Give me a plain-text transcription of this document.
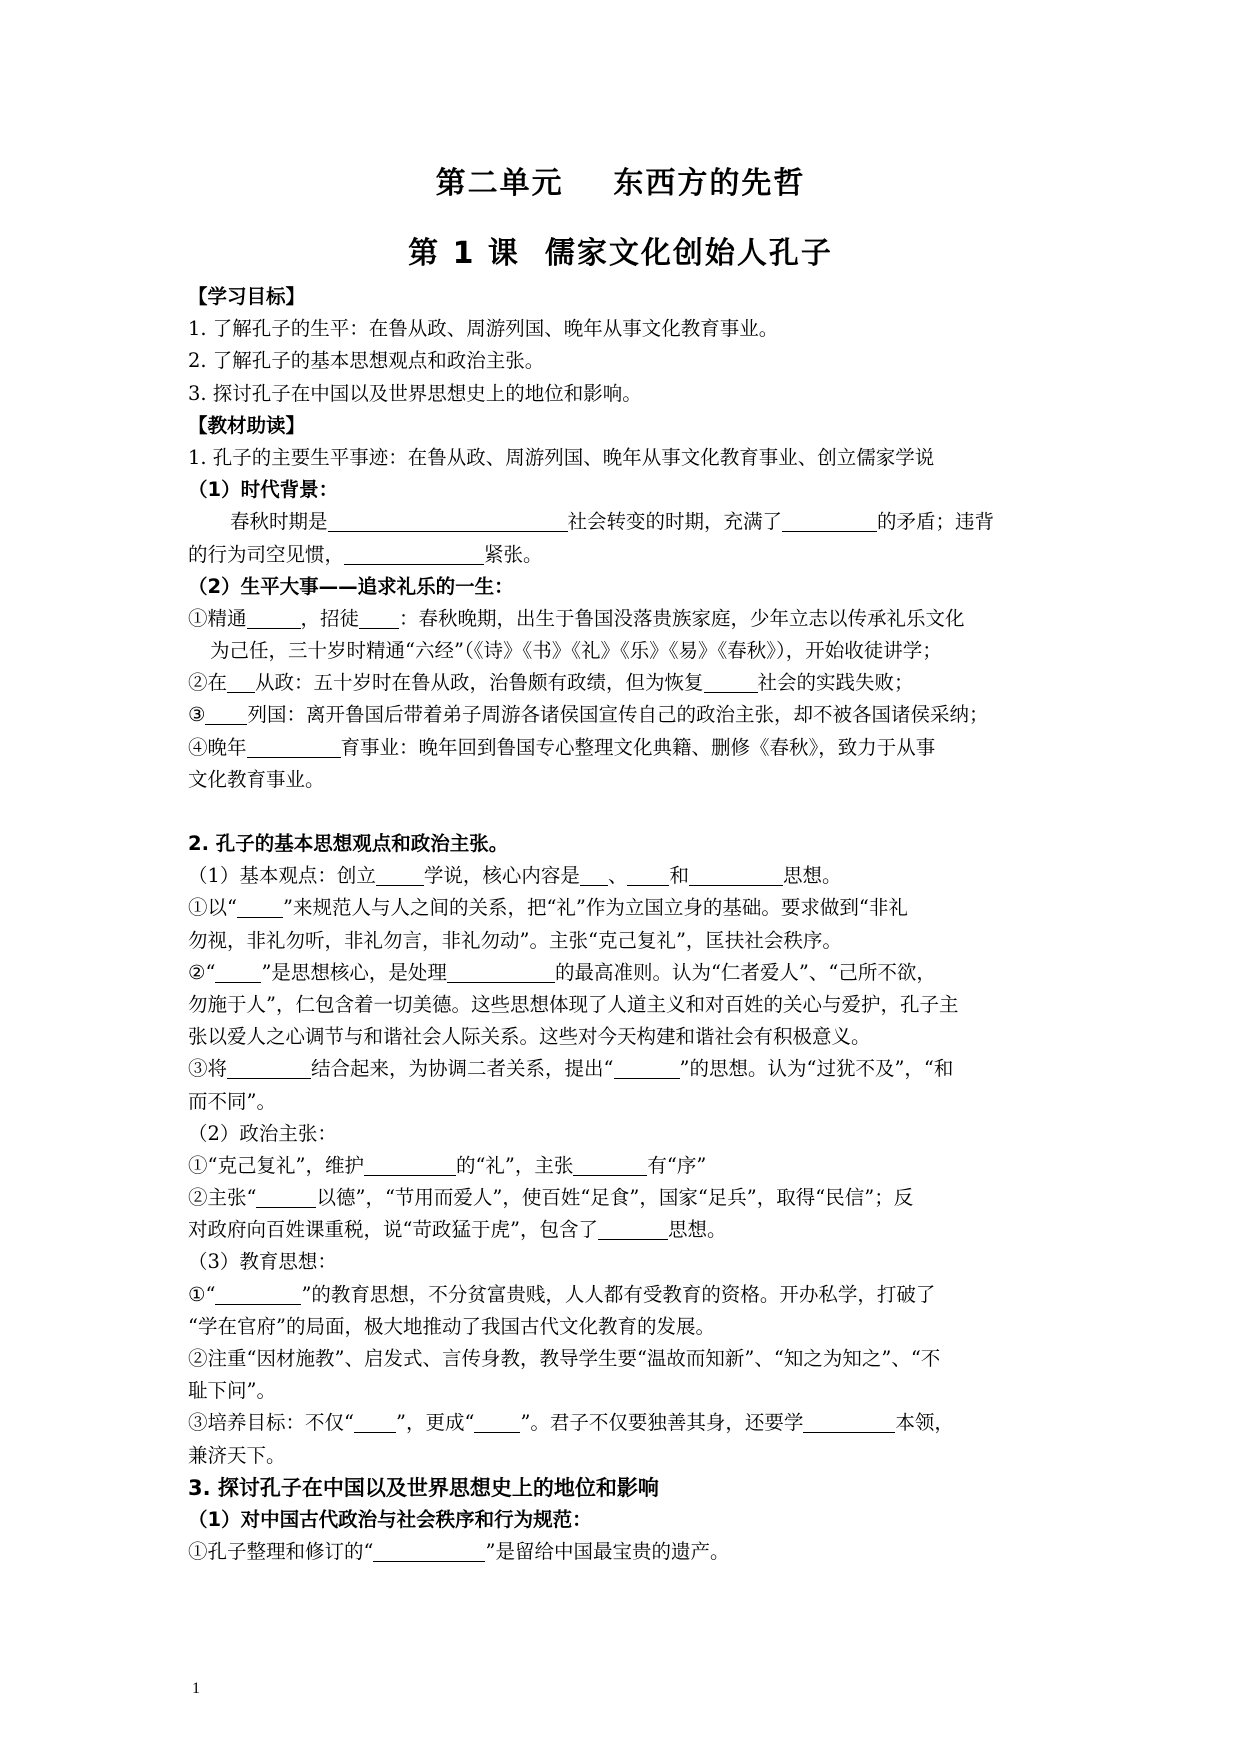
第二单元    东西方的先哲
第 1 课  儒家文化创始人孔子
【学习目标】
1. 了解孔子的生平：在鲁从政、周游列国、晚年从事文化教育事业。
2. 了解孔子的基本思想观点和政治主张。
3. 探讨孔子在中国以及世界思想史上的地位和影响。
【教材助读】
1. 孔子的主要生平事迹：在鲁从政、周游列国、晚年从事文化教育事业、创立儒家学说
（1）时代背景：
春秋时期是	社会转变的时期，充满了	的矛盾；违背
的行为司空见惯，	紧张。
（2）生平大事——追求礼乐的一生：
①精通	，招徒 ：春秋晚期，出生于鲁国没落贵族家庭，少年立志以传承礼乐文化
为己任，三十岁时精通“六经”（《诗》《书》《礼》《乐》《易》《春秋》），开始收徒讲学；
②在 从政：五十岁时在鲁从政，治鲁颇有政绩，但为恢复	社会的实践失败；
③ 列国：离开鲁国后带着弟子周游各诸侯国宣传自己的政治主张，却不被各国诸侯采纳；
④晚年	育事业：晚年回到鲁国专心整理文化典籍、删修《春秋》，致力于从事
文化教育事业。
2. 孔子的基本思想观点和政治主张。
（1）基本观点：创立 学说，核心内容是 、 和	思想。
①以“ ”来规范人与人之间的关系，把“礼”作为立国立身的基础。要求做到“非礼
勿视，非礼勿听，非礼勿言，非礼勿动”。主张“克己复礼”，匡扶社会秩序。
②“ ”是思想核心，是处理	的最高准则。认为“仁者爱人”、“己所不欲，
勿施于人”，仁包含着一切美德。这些思想体现了人道主义和对百姓的关心与爱护，孔子主
张以爱人之心调节与和谐社会人际关系。这些对今天构建和谐社会有积极意义。
③将	结合起来，为协调二者关系，提出“	”的思想。认为“过犹不及”，“和
而不同”。
（2）政治主张：
①“克己复礼”，维护	的“礼”，主张	有“序”
②主张“	以德”，“节用而爱人”，使百姓“足食”，国家“足兵”，取得“民信”；反
对政府向百姓课重税，说“苛政猛于虎”，包含了	思想。
（3）教育思想：
①“	”的教育思想，不分贫富贵贱，人人都有受教育的资格。开办私学，打破了
“学在官府”的局面，极大地推动了我国古代文化教育的发展。
②注重“因材施教”、启发式、言传身教，教导学生要“温故而知新”、“知之为知之”、“不
耻下问”。
③培养目标：不仅“ ”，更成“ ”。君子不仅要独善其身，还要学	本领，
兼济天下。
3. 探讨孔子在中国以及世界思想史上的地位和影响
（1）对中国古代政治与社会秩序和行为规范：
①孔子整理和修订的“	”是留给中国最宝贵的遗产。
1
